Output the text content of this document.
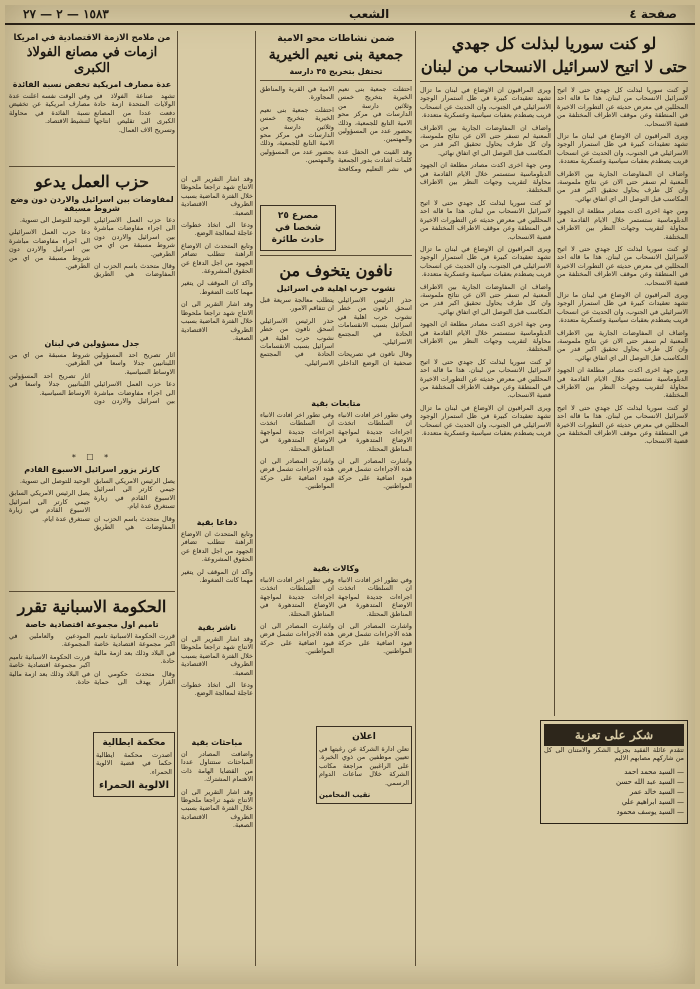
صفحة ٤
الشعب
١٥٨٣ — ٢ — ٢٧
لو كنت سوريا لبذلت كل جهدي
حتى لا اتيح لاسرائيل الانسحاب من لبنان

لو كنت سوريا لبذلت كل جهدي حتى لا اتيح لاسرائيل الانسحاب من لبنان. هذا ما قاله احد المحللين في معرض حديثه عن التطورات الاخيرة في المنطقة وعن موقف الاطراف المختلفة من قضية الانسحاب.

ويرى المراقبون ان الاوضاع في لبنان ما تزال تشهد تعقيدات كبيرة في ظل استمرار الوجود الاسرائيلي في الجنوب، وان الحديث عن انسحاب قريب يصطدم بعقبات سياسية وعسكرية متعددة.

واضاف ان المفاوضات الجارية بين الاطراف المعنية لم تسفر حتى الان عن نتائج ملموسة، وان كل طرف يحاول تحقيق اكبر قدر من المكاسب قبل التوصل الى اي اتفاق نهائي.

ومن جهة اخرى اكدت مصادر مطلعة ان الجهود الدبلوماسية ستستمر خلال الايام القادمة في محاولة لتقريب وجهات النظر بين الاطراف المختلفة.

لو كنت سوريا لبذلت كل جهدي حتى لا اتيح لاسرائيل الانسحاب من لبنان. هذا ما قاله احد المحللين في معرض حديثه عن التطورات الاخيرة في المنطقة وعن موقف الاطراف المختلفة من قضية الانسحاب.

ويرى المراقبون ان الاوضاع في لبنان ما تزال تشهد تعقيدات كبيرة في ظل استمرار الوجود الاسرائيلي في الجنوب، وان الحديث عن انسحاب قريب يصطدم بعقبات سياسية وعسكرية متعددة.

واضاف ان المفاوضات الجارية بين الاطراف المعنية لم تسفر حتى الان عن نتائج ملموسة، وان كل طرف يحاول تحقيق اكبر قدر من المكاسب قبل التوصل الى اي اتفاق نهائي.

ومن جهة اخرى اكدت مصادر مطلعة ان الجهود الدبلوماسية ستستمر خلال الايام القادمة في محاولة لتقريب وجهات النظر بين الاطراف المختلفة.

لو كنت سوريا لبذلت كل جهدي حتى لا اتيح لاسرائيل الانسحاب من لبنان. هذا ما قاله احد المحللين في معرض حديثه عن التطورات الاخيرة في المنطقة وعن موقف الاطراف المختلفة من قضية الانسحاب.

ويرى المراقبون ان الاوضاع في لبنان ما تزال تشهد تعقيدات كبيرة في ظل استمرار الوجود الاسرائيلي في الجنوب، وان الحديث عن انسحاب قريب يصطدم بعقبات سياسية وعسكرية متعددة.

واضاف ان المفاوضات الجارية بين الاطراف المعنية لم تسفر حتى الان عن نتائج ملموسة، وان كل طرف يحاول تحقيق اكبر قدر من المكاسب قبل التوصل الى اي اتفاق نهائي.

ومن جهة اخرى اكدت مصادر مطلعة ان الجهود الدبلوماسية ستستمر خلال الايام القادمة في محاولة لتقريب وجهات النظر بين الاطراف المختلفة.

لو كنت سوريا لبذلت كل جهدي حتى لا اتيح لاسرائيل الانسحاب من لبنان. هذا ما قاله احد المحللين في معرض حديثه عن التطورات الاخيرة في المنطقة وعن موقف الاطراف المختلفة من قضية الانسحاب.

ويرى المراقبون ان الاوضاع في لبنان ما تزال تشهد تعقيدات كبيرة في ظل استمرار الوجود الاسرائيلي في الجنوب، وان الحديث عن انسحاب قريب يصطدم بعقبات سياسية وعسكرية متعددة.

واضاف ان المفاوضات الجارية بين الاطراف المعنية لم تسفر حتى الان عن نتائج ملموسة، وان كل طرف يحاول تحقيق اكبر قدر من المكاسب قبل التوصل الى اي اتفاق نهائي.

ومن جهة اخرى اكدت مصادر مطلعة ان الجهود الدبلوماسية ستستمر خلال الايام القادمة في محاولة لتقريب وجهات النظر بين الاطراف المختلفة.

لو كنت سوريا لبذلت كل جهدي حتى لا اتيح لاسرائيل الانسحاب من لبنان. هذا ما قاله احد المحللين في معرض حديثه عن التطورات الاخيرة في المنطقة وعن موقف الاطراف المختلفة من قضية الانسحاب.

ويرى المراقبون ان الاوضاع في لبنان ما تزال تشهد تعقيدات كبيرة في ظل استمرار الوجود الاسرائيلي في الجنوب، وان الحديث عن انسحاب قريب يصطدم بعقبات سياسية وعسكرية متعددة.

شكر على تعزية

تتقدم عائلة الفقيد بجزيل الشكر والامتنان الى كل من شاركهم مصابهم الاليم

— السيد محمد احمد
— السيد عبد الله حسن
— السيد خالد عمر
— السيد ابراهيم علي
— السيد يوسف محمود
ضمن نشاطات محو الامية
جمعية بنى نعيم الخيرية
تحتفل بتخريج ٣٥ دارسة

احتفلت جمعية بنى نعيم الخيرية بتخريج خمس وثلاثين دارسة من الدارسات في مركز محو الامية التابع للجمعية، وذلك بحضور عدد من المسؤولين والمهتمين.

وقد القيت في الحفل عدة كلمات اشادت بدور الجمعية في نشر التعليم ومكافحة الامية في القرية والمناطق المجاورة.

احتفلت جمعية بنى نعيم الخيرية بتخريج خمس وثلاثين دارسة من الدارسات في مركز محو الامية التابع للجمعية، وذلك بحضور عدد من المسؤولين والمهتمين.

مصرع ٢٥ شخصا في حادث طائرة
نافون يتخوف من
نشوب حرب اهلية في اسرائيل

حذر الرئيس الاسرائيلي اسحق نافون من خطر نشوب حرب اهلية في اسرائيل بسبب الانقسامات الحادة في المجتمع الاسرائيلي.

وقال نافون في تصريحات صحفية ان الوضع الداخلي يتطلب معالجة سريعة قبل ان تتفاقم الامور.

حذر الرئيس الاسرائيلي اسحق نافون من خطر نشوب حرب اهلية في اسرائيل بسبب الانقسامات الحادة في المجتمع الاسرائيلي.

متابعات بقية

وفي تطور اخر افادت الانباء ان السلطات اتخذت اجراءات جديدة لمواجهة الاوضاع المتدهورة في المناطق المحتلة.

واشارت المصادر الى ان هذه الاجراءات تشمل فرض قيود اضافية على حركة المواطنين.

وفي تطور اخر افادت الانباء ان السلطات اتخذت اجراءات جديدة لمواجهة الاوضاع المتدهورة في المناطق المحتلة.

واشارت المصادر الى ان هذه الاجراءات تشمل فرض قيود اضافية على حركة المواطنين.

وكالات بقية

وفي تطور اخر افادت الانباء ان السلطات اتخذت اجراءات جديدة لمواجهة الاوضاع المتدهورة في المناطق المحتلة.

واشارت المصادر الى ان هذه الاجراءات تشمل فرض قيود اضافية على حركة المواطنين.

وفي تطور اخر افادت الانباء ان السلطات اتخذت اجراءات جديدة لمواجهة الاوضاع المتدهورة في المناطق المحتلة.

واشارت المصادر الى ان هذه الاجراءات تشمل فرض قيود اضافية على حركة المواطنين.

اعلان

تعلن ادارة الشركة عن رغبتها في تعيين موظفين من ذوي الخبرة. على الراغبين مراجعة مكاتب الشركة خلال ساعات الدوام الرسمي.

نقيب المحامين

وقد اشار التقرير الى ان الانتاج شهد تراجعا ملحوظا خلال الفترة الماضية بسبب الظروف الاقتصادية الصعبة.

ودعا الى اتخاذ خطوات عاجلة لمعالجة الوضع.

وتابع المتحدث ان الاوضاع الراهنة تتطلب تضافر الجهود من اجل الدفاع عن الحقوق المشروعة.

واكد ان الموقف لن يتغير مهما كانت الضغوط.

وقد اشار التقرير الى ان الانتاج شهد تراجعا ملحوظا خلال الفترة الماضية بسبب الظروف الاقتصادية الصعبة.

دفاعا بقية

وتابع المتحدث ان الاوضاع الراهنة تتطلب تضافر الجهود من اجل الدفاع عن الحقوق المشروعة.

واكد ان الموقف لن يتغير مهما كانت الضغوط.

ناشر بقية

وقد اشار التقرير الى ان الانتاج شهد تراجعا ملحوظا خلال الفترة الماضية بسبب الظروف الاقتصادية الصعبة.

ودعا الى اتخاذ خطوات عاجلة لمعالجة الوضع.

مباحثات بقية

واضافت المصادر ان المباحثات ستتناول عددا من القضايا الهامة ذات الاهتمام المشترك.

وقد اشار التقرير الى ان الانتاج شهد تراجعا ملحوظا خلال الفترة الماضية بسبب الظروف الاقتصادية الصعبة.

من ملامح الازمة الاقتصادية في امريكا
ازمات في مصانع الفولاذ الكبرى
عدة مصارف امريكية تخفض نسبة الفائدة

تشهد صناعة الفولاذ في الولايات المتحدة ازمة حادة دفعت عددا من المصانع الكبرى الى تقليص انتاجها وتسريح الاف العمال.

وفي الوقت نفسه اعلنت عدة مصارف امريكية عن تخفيض نسبة الفائدة في محاولة لتنشيط الاقتصاد.

حزب العمل يدعو
لمفاوضات بين اسرائيل والاردن دون وضع شروط مسبقة

دعا حزب العمل الاسرائيلي الى اجراء مفاوضات مباشرة بين اسرائيل والاردن دون شروط مسبقة من اي من الطرفين.

وقال متحدث باسم الحزب ان المفاوضات هي الطريق الوحيد للتوصل الى تسوية.

دعا حزب العمل الاسرائيلي الى اجراء مفاوضات مباشرة بين اسرائيل والاردن دون شروط مسبقة من اي من الطرفين.

جدل مسؤولين في لبنان

اثار تصريح احد المسؤولين اللبنانيين جدلا واسعا في الاوساط السياسية.

دعا حزب العمل الاسرائيلي الى اجراء مفاوضات مباشرة بين اسرائيل والاردن دون شروط مسبقة من اي من الطرفين.

اثار تصريح احد المسؤولين اللبنانيين جدلا واسعا في الاوساط السياسية.

* ☐ *
كارثر يزور اسرائيل الاسبوع القادم

يصل الرئيس الامريكي السابق جيمي كارتر الى اسرائيل الاسبوع القادم في زيارة تستغرق عدة ايام.

وقال متحدث باسم الحزب ان المفاوضات هي الطريق الوحيد للتوصل الى تسوية.

يصل الرئيس الامريكي السابق جيمي كارتر الى اسرائيل الاسبوع القادم في زيارة تستغرق عدة ايام.

الحكومة الاسبانية تقرر
تاميم اول مجموعة اقتصادية خاصة

قررت الحكومة الاسبانية تاميم اكبر مجموعة اقتصادية خاصة في البلاد وذلك بعد ازمة مالية حادة.

وقال متحدث حكومي ان القرار يهدف الى حماية المودعين والعاملين في المجموعة.

قررت الحكومة الاسبانية تاميم اكبر مجموعة اقتصادية خاصة في البلاد وذلك بعد ازمة مالية حادة.

محكمة ايطالية

اصدرت محكمة ايطالية حكما في قضية الالوية الحمراء.

الالوية الحمراء
